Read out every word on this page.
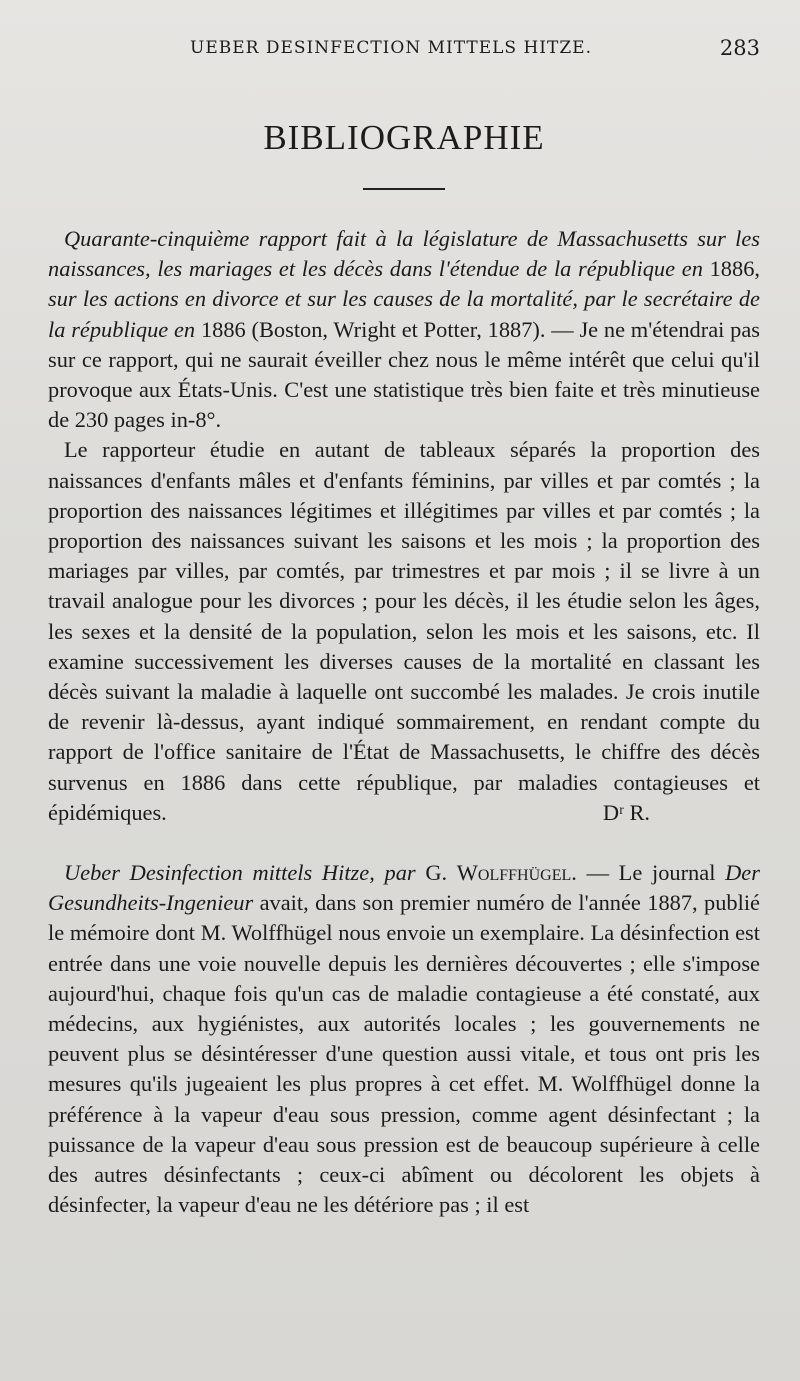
UEBER DESINFECTION MITTELS HITZE.	283
BIBLIOGRAPHIE

Quarante-cinquième rapport fait à la législature de Massachusetts sur les naissances, les mariages et les décès dans l'étendue de la république en 1886, sur les actions en divorce et sur les causes de la mortalité, par le secrétaire de la république en 1886 (Boston, Wright et Potter, 1887). — Je ne m'étendrai pas sur ce rapport, qui ne saurait éveiller chez nous le même intérêt que celui qu'il provoque aux États-Unis. C'est une statistique très bien faite et très minutieuse de 230 pages in-8°.

Le rapporteur étudie en autant de tableaux séparés la proportion des naissances d'enfants mâles et d'enfants féminins, par villes et par comtés ; la proportion des naissances légitimes et illégitimes par villes et par comtés ; la proportion des naissances suivant les saisons et les mois ; la proportion des mariages par villes, par comtés, par trimestres et par mois ; il se livre à un travail analogue pour les divorces ; pour les décès, il les étudie selon les âges, les sexes et la densité de la population, selon les mois et les saisons, etc. Il examine successivement les diverses causes de la mortalité en classant les décès suivant la maladie à laquelle ont succombé les malades. Je crois inutile de revenir là-dessus, ayant indiqué sommairement, en rendant compte du rapport de l'office sanitaire de l'État de Massachusetts, le chiffre des décès survenus en 1886 dans cette république, par maladies contagieuses et épidémiques.	Dʳ R.

Ueber Desinfection mittels Hitze, par G. Wolffhügel. — Le journal Der Gesundheits-Ingenieur avait, dans son premier numéro de l'année 1887, publié le mémoire dont M. Wolffhügel nous envoie un exemplaire. La désinfection est entrée dans une voie nouvelle depuis les dernières découvertes ; elle s'impose aujourd'hui, chaque fois qu'un cas de maladie contagieuse a été constaté, aux médecins, aux hygiénistes, aux autorités locales ; les gouvernements ne peuvent plus se désintéresser d'une question aussi vitale, et tous ont pris les mesures qu'ils jugeaient les plus propres à cet effet. M. Wolffhügel donne la préférence à la vapeur d'eau sous pression, comme agent désinfectant ; la puissance de la vapeur d'eau sous pression est de beaucoup supérieure à celle des autres désinfectants ; ceux-ci abîment ou décolorent les objets à désinfecter, la vapeur d'eau ne les détériore pas ; il est
